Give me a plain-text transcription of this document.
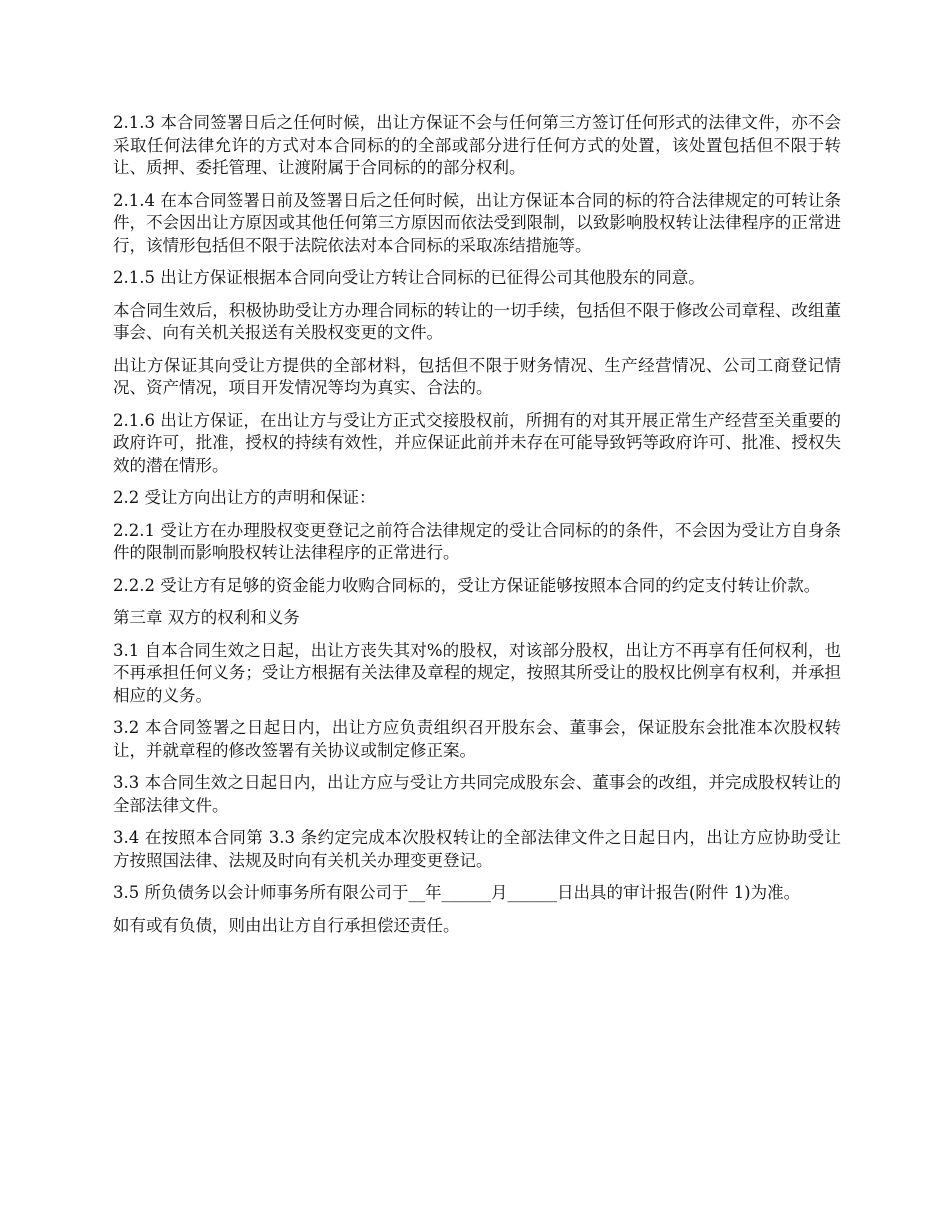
2.1.3 本合同签署日后之任何时候，出让方保证不会与任何第三方签订任何形式的法律文件，亦不会采取任何法律允许的方式对本合同标的的全部或部分进行任何方式的处置，该处置包括但不限于转让、质押、委托管理、让渡附属于合同标的的部分权利。

2.1.4 在本合同签署日前及签署日后之任何时候，出让方保证本合同的标的符合法律规定的可转让条件，不会因出让方原因或其他任何第三方原因而依法受到限制，以致影响股权转让法律程序的正常进行，该情形包括但不限于法院依法对本合同标的采取冻结措施等。

2.1.5 出让方保证根据本合同向受让方转让合同标的已征得公司其他股东的同意。

本合同生效后，积极协助受让方办理合同标的转让的一切手续，包括但不限于修改公司章程、改组董事会、向有关机关报送有关股权变更的文件。

出让方保证其向受让方提供的全部材料，包括但不限于财务情况、生产经营情况、公司工商登记情况、资产情况，项目开发情况等均为真实、合法的。

2.1.6 出让方保证，在出让方与受让方正式交接股权前，所拥有的对其开展正常生产经营至关重要的政府许可，批准，授权的持续有效性，并应保证此前并未存在可能导致钙等政府许可、批准、授权失效的潜在情形。

2.2 受让方向出让方的声明和保证：

2.2.1 受让方在办理股权变更登记之前符合法律规定的受让合同标的的条件，不会因为受让方自身条件的限制而影响股权转让法律程序的正常进行。

2.2.2 受让方有足够的资金能力收购合同标的，受让方保证能够按照本合同的约定支付转让价款。

第三章 双方的权利和义务

3.1 自本合同生效之日起，出让方丧失其对%的股权，对该部分股权，出让方不再享有任何权利，也不再承担任何义务；受让方根据有关法律及章程的规定，按照其所受让的股权比例享有权利，并承担相应的义务。

3.2 本合同签署之日起日内，出让方应负责组织召开股东会、董事会，保证股东会批准本次股权转让，并就章程的修改签署有关协议或制定修正案。

3.3 本合同生效之日起日内，出让方应与受让方共同完成股东会、董事会的改组，并完成股权转让的全部法律文件。

3.4 在按照本合同第 3.3 条约定完成本次股权转让的全部法律文件之日起日内，出让方应协助受让方按照国法律、法规及时向有关机关办理变更登记。

3.5 所负债务以会计师事务所有限公司于__年______月______日出具的审计报告(附件 1)为准。

如有或有负债，则由出让方自行承担偿还责任。
